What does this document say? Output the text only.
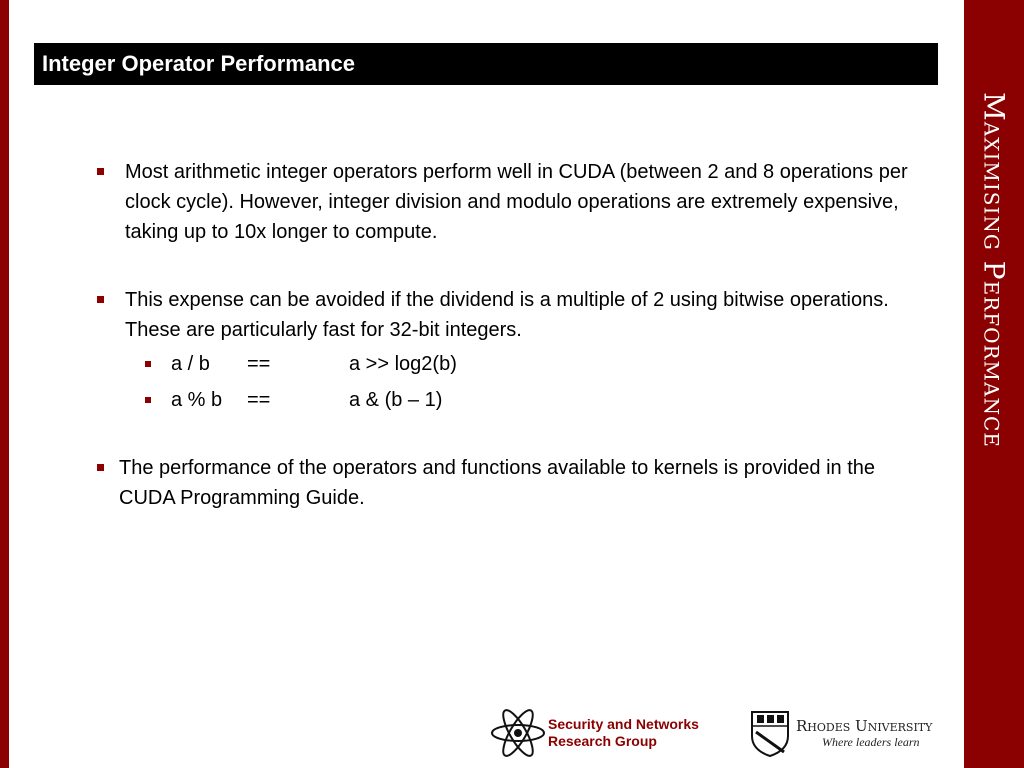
Maximising Performance
Integer Operator Performance
Most arithmetic integer operators perform well in CUDA (between 2 and 8 operations per clock cycle). However, integer division and modulo operations are extremely expensive, taking up to 10x longer to compute.
This expense can be avoided if the dividend is a multiple of 2 using bitwise operations. These are particularly fast for 32-bit integers.
a / b ==	a >> log2(b)
a % b ==	a & (b – 1)
The performance of the operators and functions available to kernels is provided in the CUDA Programming Guide.
Security and Networks
Research Group
Rhodes University
Where leaders learn
